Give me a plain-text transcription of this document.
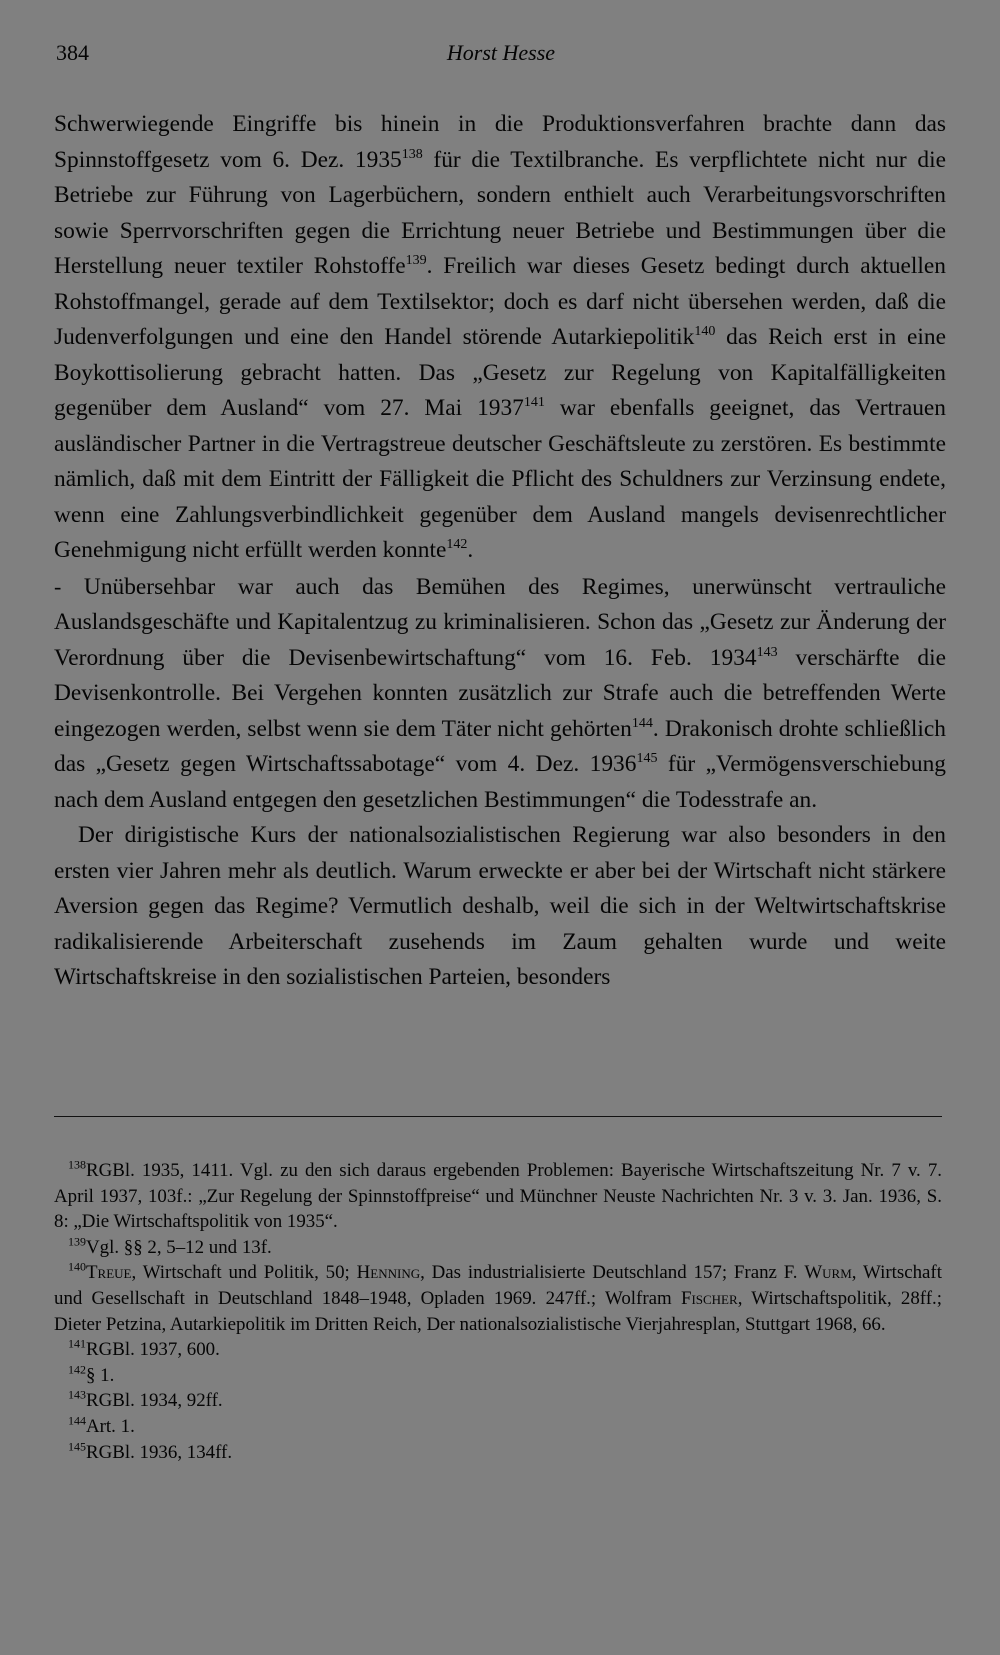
384	Horst Hesse

Schwerwiegende Eingriffe bis hinein in die Produktionsverfahren brachte dann das Spinnstoffgesetz vom 6. Dez. 1935$^{138}$ für die Textilbranche. Es verpflichtete nicht nur die Betriebe zur Führung von Lagerbüchern, sondern enthielt auch Verarbeitungsvorschriften sowie Sperrvorschriften gegen die Errichtung neuer Betriebe und Bestimmungen über die Herstellung neuer textiler Rohstoffe$^{139}$. Freilich war dieses Gesetz bedingt durch aktuellen Rohstoffmangel, gerade auf dem Textilsektor; doch es darf nicht übersehen werden, daß die Judenverfolgungen und eine den Handel störende Autarkiepolitik$^{140}$ das Reich erst in eine Boykottisolierung gebracht hatten. Das „Gesetz zur Regelung von Kapitalfälligkeiten gegenüber dem Ausland“ vom 27. Mai 1937$^{141}$ war ebenfalls geeignet, das Vertrauen ausländischer Partner in die Vertragstreue deutscher Geschäftsleute zu zerstören. Es bestimmte nämlich, daß mit dem Eintritt der Fälligkeit die Pflicht des Schuldners zur Verzinsung endete, wenn eine Zahlungsverbindlichkeit gegenüber dem Ausland mangels devisenrechtlicher Genehmigung nicht erfüllt werden konnte$^{142}$.

‐ Unübersehbar war auch das Bemühen des Regimes, unerwünscht vertrauliche Auslandsgeschäfte und Kapitalentzug zu kriminalisieren. Schon das „Gesetz zur Änderung der Verordnung über die Devisenbewirtschaftung“ vom 16. Feb. 1934$^{143}$ verschärfte die Devisenkontrolle. Bei Vergehen konnten zusätzlich zur Strafe auch die betreffenden Werte eingezogen werden, selbst wenn sie dem Täter nicht gehörten$^{144}$. Drakonisch drohte schließlich das „Gesetz gegen Wirtschaftssabotage“ vom 4. Dez. 1936$^{145}$ für „Vermögensverschiebung nach dem Ausland entgegen den gesetzlichen Bestimmungen“ die Todesstrafe an.

Der dirigistische Kurs der nationalsozialistischen Regierung war also besonders in den ersten vier Jahren mehr als deutlich. Warum erweckte er aber bei der Wirtschaft nicht stärkere Aversion gegen das Regime? Vermutlich deshalb, weil die sich in der Weltwirtschaftskrise radikalisierende Arbeiterschaft zusehends im Zaum gehalten wurde und weite Wirtschaftskreise in den sozialistischen Parteien, besonders

$^{138}$RGBl. 1935, 1411. Vgl. zu den sich daraus ergebenden Problemen: Bayerische Wirtschaftszeitung Nr. 7 v. 7. April 1937, 103f.: „Zur Regelung der Spinnstoffpreise“ und Münchner Neuste Nachrichten Nr. 3 v. 3. Jan. 1936, S. 8: „Die Wirtschaftspolitik von 1935“.

$^{139}$Vgl. §§ 2, 5–12 und 13f.

$^{140}$Treue, Wirtschaft und Politik, 50; Henning, Das industrialisierte Deutschland 157; Franz F. Wurm, Wirtschaft und Gesellschaft in Deutschland 1848–1948, Opladen 1969. 247ff.; Wolfram Fischer, Wirtschaftspolitik, 28ff.; Dieter Petzina, Autarkiepolitik im Dritten Reich, Der nationalsozialistische Vierjahresplan, Stuttgart 1968, 66.

$^{141}$RGBl. 1937, 600.

$^{142}$§ 1.

$^{143}$RGBl. 1934, 92ff.

$^{144}$Art. 1.

$^{145}$RGBl. 1936, 134ff.
